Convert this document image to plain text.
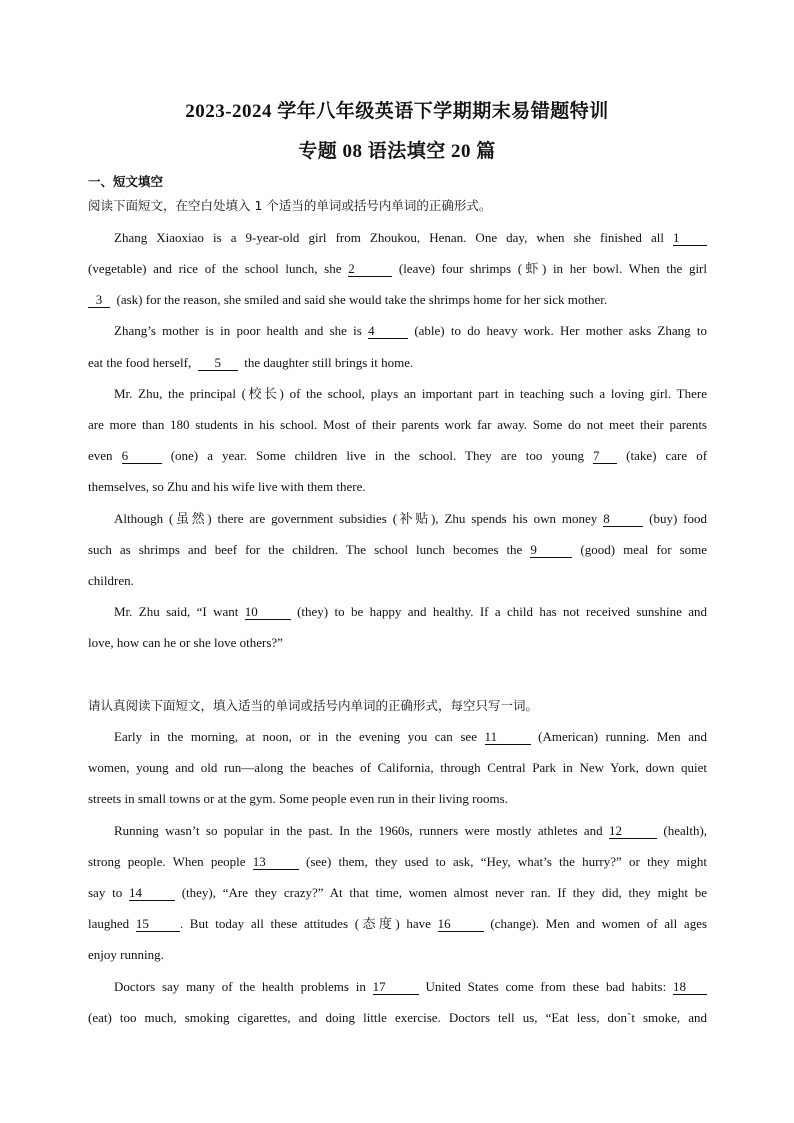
2023-2024 学年八年级英语下学期期末易错题特训
专题 08 语法填空 20 篇
一、短文填空
阅读下面短文，在空白处填入 1 个适当的单词或括号内单词的正确形式。
Zhang Xiaoxiao is a 9-year-old girl from Zhoukou, Henan. One day, when she finished all 1
(vegetable) and rice of the school lunch, she 2	(leave) four shrimps (虾) in her bowl. When the girl
3 (ask) for the reason, she smiled and said she would take the shrimps home for her sick mother.
Zhang’s mother is in poor health and she is 4	(able) to do heavy work. Her mother asks Zhang to
eat the food herself, 5 the daughter still brings it home.
Mr. Zhu, the principal (校长) of the school, plays an important part in teaching such a loving girl. There
are more than 180 students in his school. Most of their parents work far away. Some do not meet their parents
even 6	(one) a year. Some children live in the school. They are too young 7 (take) care of
themselves, so Zhu and his wife live with them there.
Although (虽然) there are government subsidies (补贴), Zhu spends his own money 8	(buy) food
such as shrimps and beef for the children. The school lunch becomes the 9	(good) meal for some
children.
Mr. Zhu said, “I want 10	(they) to be happy and healthy. If a child has not received sunshine and
love, how can he or she love others?”
请认真阅读下面短文，填入适当的单词或括号内单词的正确形式，每空只写一词。
Early in the morning, at noon, or in the evening you can see 11	(American) running. Men and
women, young and old run—along the beaches of California, through Central Park in New York, down quiet
streets in small towns or at the gym. Some people even run in their living rooms.
Running wasn’t so popular in the past. In the 1960s, runners were mostly athletes and 12	(health),
strong people. When people 13	(see) them, they used to ask, “Hey, what’s the hurry?” or they might
say to 14	(they), “Are they crazy?” At that time, women almost never ran. If they did, they might be
laughed 15 . But today all these attitudes (态度) have 16	(change). Men and women of all ages
enjoy running.
Doctors say many of the health problems in 17	United States come from these bad habits: 18
(eat) too much, smoking cigarettes, and doing little exercise. Doctors tell us, “Eat less, don`t smoke, and
